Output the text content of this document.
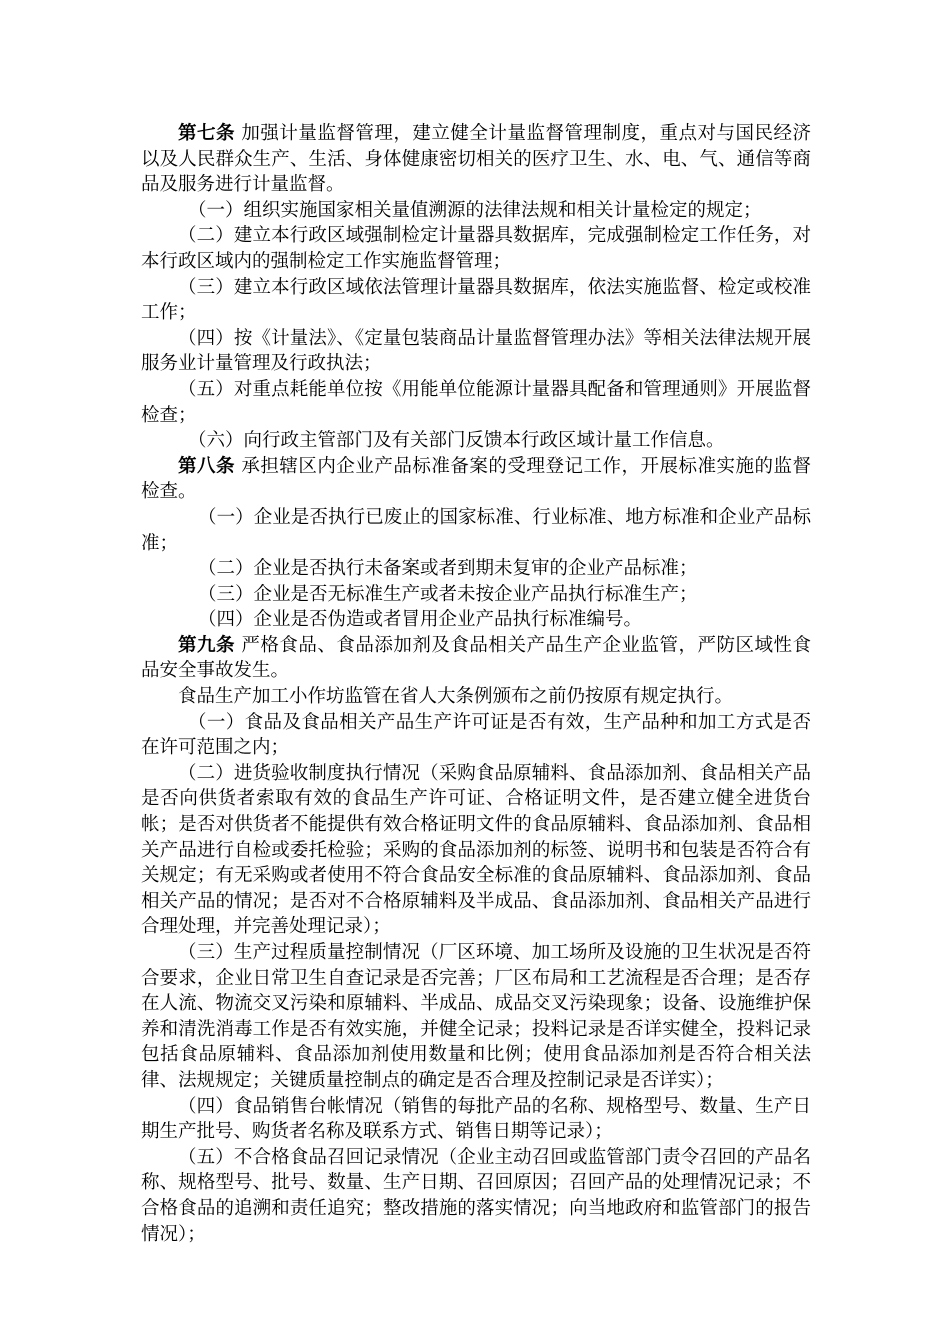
第七条 加强计量监督管理，建立健全计量监督管理制度，重点对与国民经济以及人民群众生产、生活、身体健康密切相关的医疗卫生、水、电、气、通信等商品及服务进行计量监督。

（一）组织实施国家相关量值溯源的法律法规和相关计量检定的规定；

（二）建立本行政区域强制检定计量器具数据库，完成强制检定工作任务，对本行政区域内的强制检定工作实施监督管理；

（三）建立本行政区域依法管理计量器具数据库，依法实施监督、检定或校准工作；

（四）按《计量法》、《定量包装商品计量监督管理办法》等相关法律法规开展服务业计量管理及行政执法；

（五）对重点耗能单位按《用能单位能源计量器具配备和管理通则》开展监督检查；

（六）向行政主管部门及有关部门反馈本行政区域计量工作信息。

第八条 承担辖区内企业产品标准备案的受理登记工作，开展标准实施的监督检查。

（一）企业是否执行已废止的国家标准、行业标准、地方标准和企业产品标准；

（二）企业是否执行未备案或者到期未复审的企业产品标准；

（三）企业是否无标准生产或者未按企业产品执行标准生产；

（四）企业是否伪造或者冒用企业产品执行标准编号。

第九条 严格食品、食品添加剂及食品相关产品生产企业监管，严防区域性食品安全事故发生。

食品生产加工小作坊监管在省人大条例颁布之前仍按原有规定执行。

（一）食品及食品相关产品生产许可证是否有效，生产品种和加工方式是否在许可范围之内；

（二）进货验收制度执行情况（采购食品原辅料、食品添加剂、食品相关产品是否向供货者索取有效的食品生产许可证、合格证明文件，是否建立健全进货台帐；是否对供货者不能提供有效合格证明文件的食品原辅料、食品添加剂、食品相关产品进行自检或委托检验；采购的食品添加剂的标签、说明书和包装是否符合有关规定；有无采购或者使用不符合食品安全标准的食品原辅料、食品添加剂、食品相关产品的情况；是否对不合格原辅料及半成品、食品添加剂、食品相关产品进行合理处理，并完善处理记录）；

（三）生产过程质量控制情况（厂区环境、加工场所及设施的卫生状况是否符合要求，企业日常卫生自查记录是否完善；厂区布局和工艺流程是否合理；是否存在人流、物流交叉污染和原辅料、半成品、成品交叉污染现象；设备、设施维护保养和清洗消毒工作是否有效实施，并健全记录；投料记录是否详实健全，投料记录包括食品原辅料、食品添加剂使用数量和比例；使用食品添加剂是否符合相关法律、法规规定；关键质量控制点的确定是否合理及控制记录是否详实）；

（四）食品销售台帐情况（销售的每批产品的名称、规格型号、数量、生产日期生产批号、购货者名称及联系方式、销售日期等记录）；

（五）不合格食品召回记录情况（企业主动召回或监管部门责令召回的产品名称、规格型号、批号、数量、生产日期、召回原因；召回产品的处理情况记录；不合格食品的追溯和责任追究；整改措施的落实情况；向当地政府和监管部门的报告情况）；
